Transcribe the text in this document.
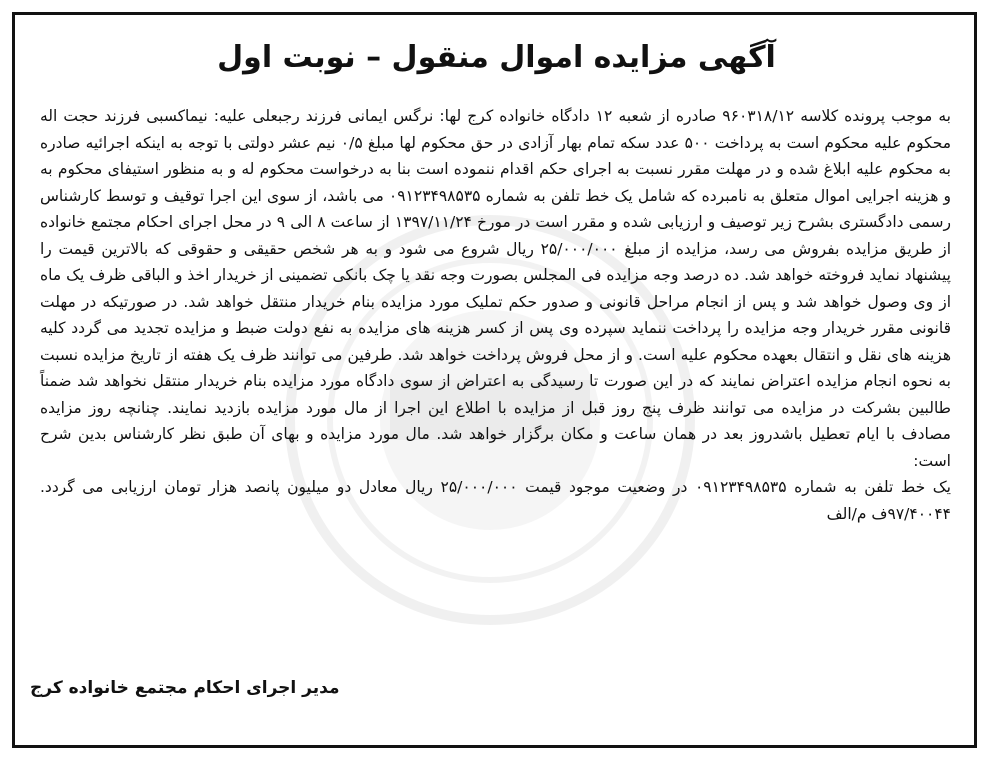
آگهی مزایده اموال منقول – نوبت اول

به موجب پرونده کلاسه ۹۶۰۳۱۸/۱۲ صادره از شعبه ۱۲ دادگاه خانواده کرج لها: نرگس ایمانی فرزند رجبعلی علیه: نیماکسبی فرزند حجت اله محکوم علیه محکوم است به پرداخت ۵۰۰ عدد سکه تمام بهار آزادی در حق محکوم لها مبلغ ۰/۵ نیم عشر دولتی با توجه به اینکه اجرائیه صادره به محکوم علیه ابلاغ شده و در مهلت مقرر نسبت به اجرای حکم اقدام ننموده است بنا به درخواست محکوم له و به منظور استیفای محکوم به و هزینه اجرایی اموال متعلق به نامبرده که شامل یک خط تلفن به شماره ۰۹۱۲۳۴۹۸۵۳۵ می باشد، از سوی این اجرا توقیف و توسط کارشناس رسمی دادگستری بشرح زیر توصیف و ارزیابی شده و مقرر است در مورخ ۱۳۹۷/۱۱/۲۴ از ساعت ۸ الی ۹ در محل اجرای احکام مجتمع خانواده از طریق مزایده بفروش می رسد، مزایده از مبلغ ۲۵/۰۰۰/۰۰۰ ریال شروع می شود و به هر شخص حقیقی و حقوقی که بالاترین قیمت را پیشنهاد نماید فروخته خواهد شد. ده درصد وجه مزایده فی المجلس بصورت وجه نقد یا چک بانکی تضمینی از خریدار اخذ و الباقی ظرف یک ماه از وی وصول خواهد شد و پس از انجام مراحل قانونی و صدور حکم تملیک مورد مزایده بنام خریدار منتقل خواهد شد. در صورتیکه در مهلت قانونی مقرر خریدار وجه مزایده را پرداخت ننماید سپرده وی پس از کسر هزینه های مزایده به نفع دولت ضبط و مزایده تجدید می گردد کلیه هزینه های نقل و انتقال بعهده محکوم علیه است. و از محل فروش پرداخت خواهد شد. طرفین می توانند ظرف یک هفته از تاریخ مزایده نسبت به نحوه انجام مزایده اعتراض نمایند که در این صورت تا رسیدگی به اعتراض از سوی دادگاه مورد مزایده بنام خریدار منتقل نخواهد شد ضمناً طالبین بشرکت در مزایده می توانند ظرف پنج روز قبل از مزایده با اطلاع این اجرا از مال مورد مزایده بازدید نمایند. چنانچه روز مزایده مصادف با ایام تعطیل باشدروز بعد در همان ساعت و مکان برگزار خواهد شد. مال مورد مزایده و بهای آن طبق نظر کارشناس بدین شرح است:

یک خط تلفن به شماره ۰۹۱۲۳۴۹۸۵۳۵ در وضعیت موجود قیمت ۲۵/۰۰۰/۰۰۰ ریال معادل دو میلیون پانصد هزار تومان ارزیابی می گردد. ۹۷/۴۰۰۴۴ف م/الف

مدیر اجرای احکام مجتمع خانواده کرج
